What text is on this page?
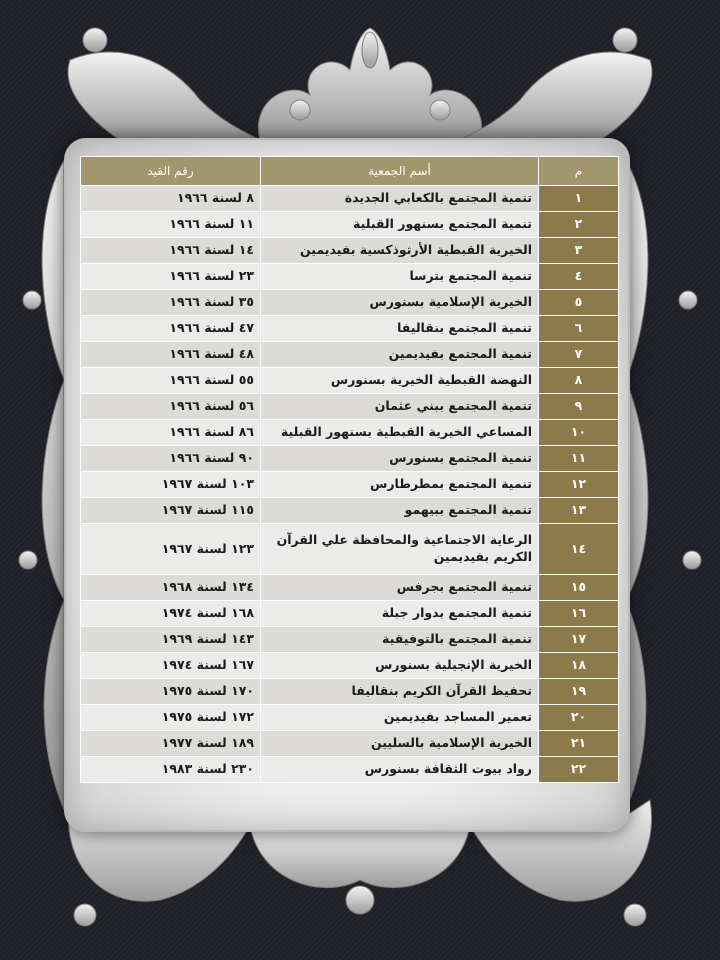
م	أسم الجمعية	رقم القيد
١	تنمية المجتمع بالكعابي الجديدة	٨ لسنة ١٩٦٦
٢	تنمية المجتمع بسنهور القبلية	١١ لسنة ١٩٦٦
٣	الخيرية القبطية الأرثوذكسية بفيديمين	١٤ لسنة ١٩٦٦
٤	تنمية المجتمع بترسا	٢٣ لسنة ١٩٦٦
٥	الخيرية الإسلامية بسنورس	٣٥ لسنة ١٩٦٦
٦	تنمية المجتمع بنقاليفا	٤٧ لسنة ١٩٦٦
٧	تنمية المجتمع بفيديمين	٤٨ لسنة ١٩٦٦
٨	النهضة القبطية الخيرية بسنورس	٥٥ لسنة ١٩٦٦
٩	تنمية المجتمع ببني عثمان	٥٦ لسنة ١٩٦٦
١٠	المساعي الخيرية القبطية بسنهور القبلية	٨٦ لسنة ١٩٦٦
١١	تنمية المجتمع بسنورس	٩٠ لسنة ١٩٦٦
١٢	تنمية المجتمع بمطرطارس	١٠٣ لسنة ١٩٦٧
١٣	تنمية المجتمع ببيهمو	١١٥ لسنة ١٩٦٧
١٤	الرعاية الاجتماعية والمحافظة علي القرآن الكريم بفيديمين	١٢٣ لسنة ١٩٦٧
١٥	تنمية المجتمع بجرفس	١٣٤ لسنة ١٩٦٨
١٦	تنمية المجتمع بدوار جبلة	١٦٨ لسنة ١٩٧٤
١٧	تنمية المجتمع بالتوفيقية	١٤٣ لسنة ١٩٦٩
١٨	الخيرية الإنجيلية بسنورس	١٦٧ لسنة ١٩٧٤
١٩	تحفيظ القرآن الكريم بنقاليفا	١٧٠ لسنة ١٩٧٥
٢٠	تعمير المساجد بفيديمين	١٧٢ لسنة ١٩٧٥
٢١	الخيرية الإسلامية بالسليين	١٨٩ لسنة ١٩٧٧
٢٢	رواد بيوت الثقافة بسنورس	٢٣٠ لسنة ١٩٨٣
